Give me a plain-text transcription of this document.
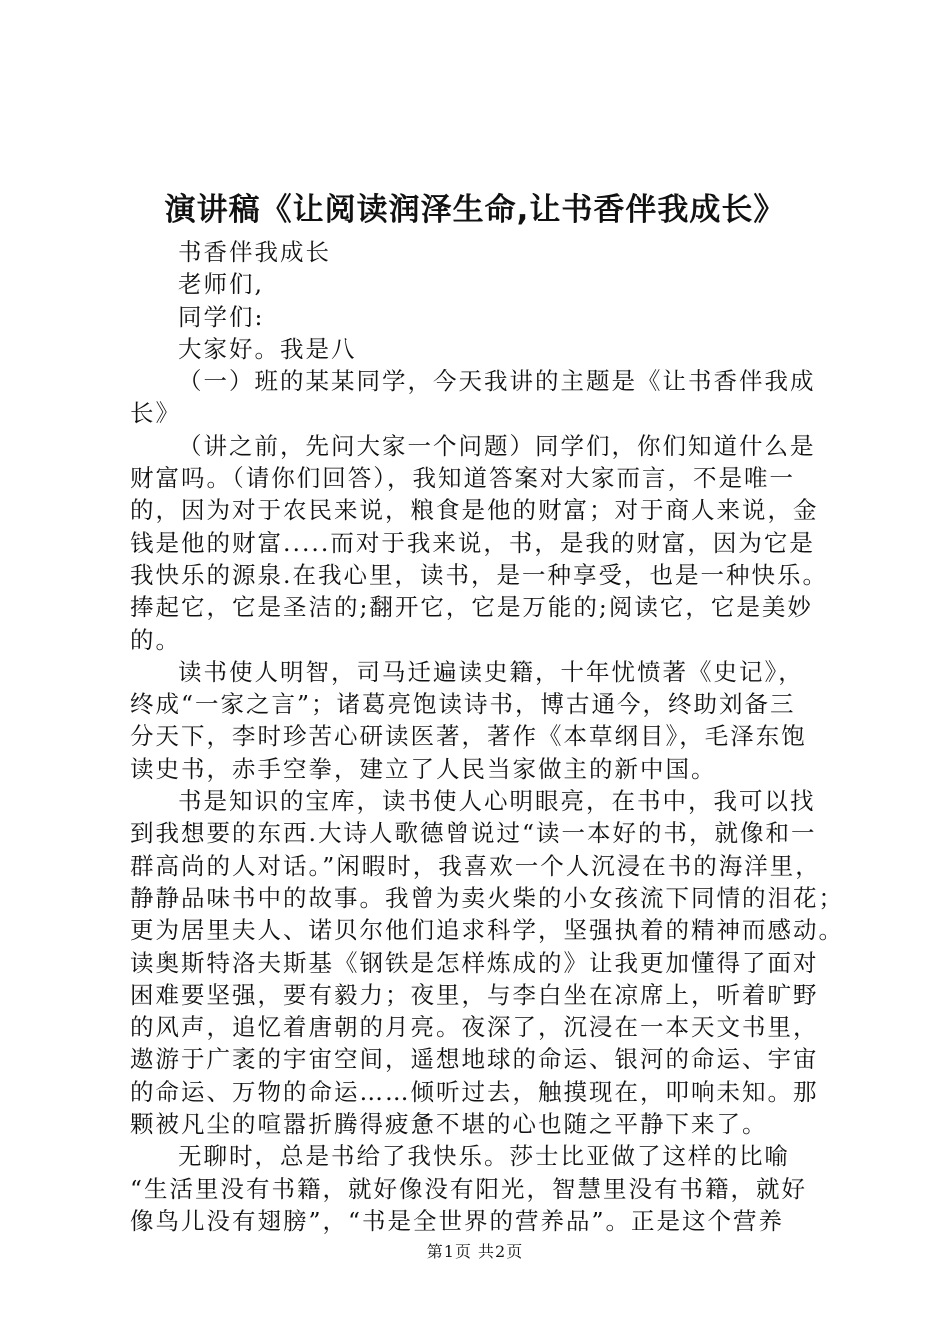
演讲稿《让阅读润泽生命,让书香伴我成长》

书香伴我成长

老师们,

同学们:

大家好。我是八

（一）班的某某同学，今天我讲的主题是《让书香伴我成

长》

（讲之前，先问大家一个问题）同学们，你们知道什么是

财富吗。（请你们回答），我知道答案对大家而言，不是唯一

的，因为对于农民来说，粮食是他的财富；对于商人来说，金

钱是他的财富.....而对于我来说，书，是我的财富，因为它是

我快乐的源泉.在我心里，读书，是一种享受，也是一种快乐。

捧起它，它是圣洁的;翻开它，它是万能的;阅读它，它是美妙

的。

读书使人明智，司马迁遍读史籍，十年忧愤著《史记》，

终成“一家之言”；诸葛亮饱读诗书，博古通今，终助刘备三

分天下，李时珍苦心研读医著，著作《本草纲目》，毛泽东饱

读史书，赤手空拳，建立了人民当家做主的新中国。

书是知识的宝库，读书使人心明眼亮，在书中，我可以找

到我想要的东西.大诗人歌德曾说过“读一本好的书，就像和一

群高尚的人对话。”闲暇时，我喜欢一个人沉浸在书的海洋里，

静静品味书中的故事。我曾为卖火柴的小女孩流下同情的泪花；

更为居里夫人、诺贝尔他们追求科学，坚强执着的精神而感动。

读奥斯特洛夫斯基《钢铁是怎样炼成的》让我更加懂得了面对

困难要坚强，要有毅力；夜里，与李白坐在凉席上，听着旷野

的风声，追忆着唐朝的月亮。夜深了，沉浸在一本天文书里，

遨游于广袤的宇宙空间，遥想地球的命运、银河的命运、宇宙

的命运、万物的命运……倾听过去，触摸现在，叩响未知。那

颗被凡尘的喧嚣折腾得疲惫不堪的心也随之平静下来了。

无聊时，总是书给了我快乐。莎士比亚做了这样的比喻

“生活里没有书籍，就好像没有阳光，智慧里没有书籍，就好

像鸟儿没有翅膀”，“书是全世界的营养品”。正是这个营养

第1页 共2页
